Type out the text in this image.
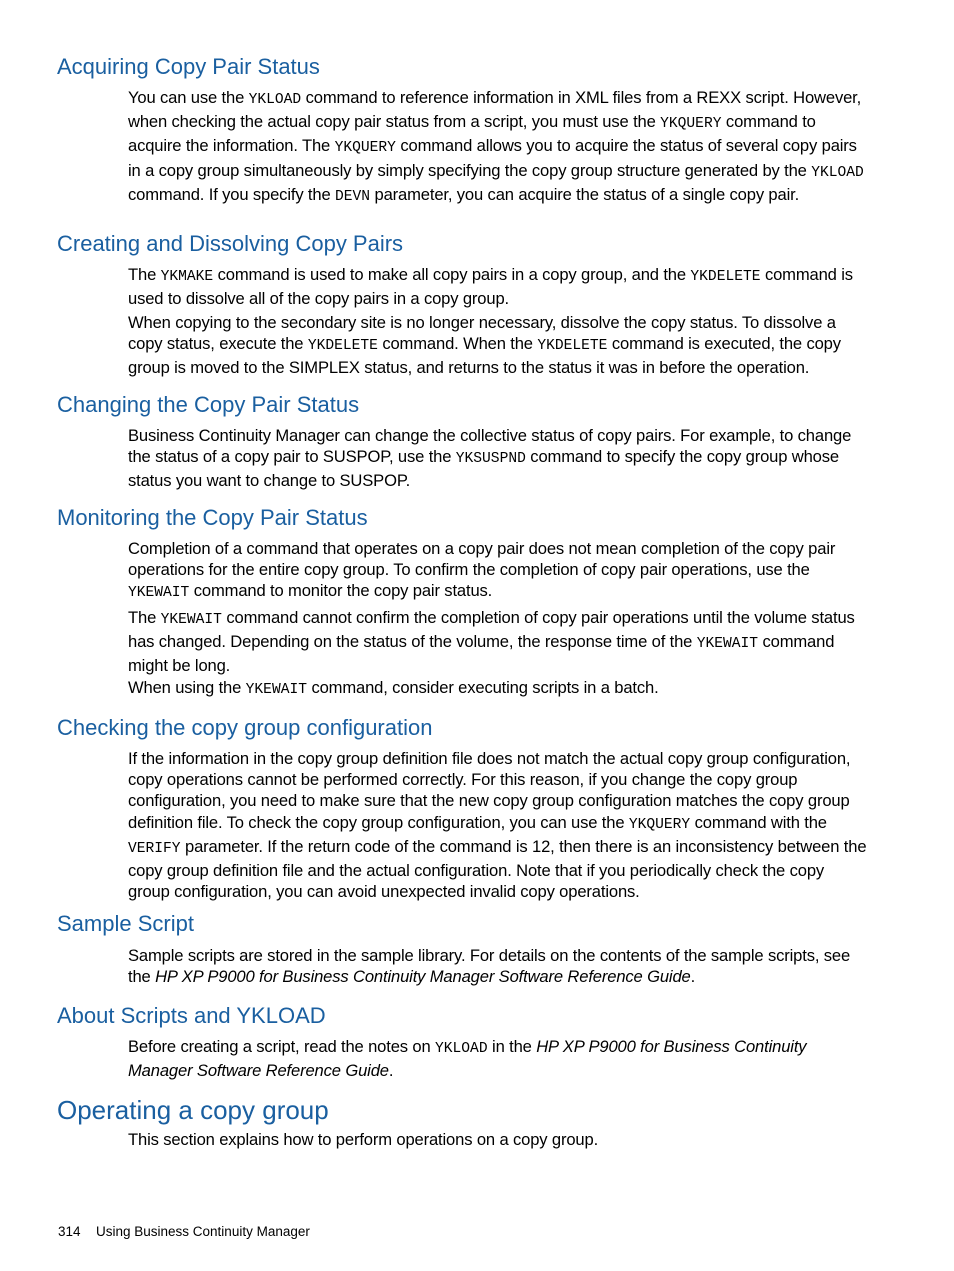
Acquiring Copy Pair Status

You can use the YKLOAD command to reference information in XML files from a REXX script. However, when checking the actual copy pair status from a script, you must use the YKQUERY command to acquire the information. The YKQUERY command allows you to acquire the status of several copy pairs in a copy group simultaneously by simply specifying the copy group structure generated by the YKLOAD command. If you specify the DEVN parameter, you can acquire the status of a single copy pair.

Creating and Dissolving Copy Pairs

The YKMAKE command is used to make all copy pairs in a copy group, and the YKDELETE command is used to dissolve all of the copy pairs in a copy group.

When copying to the secondary site is no longer necessary, dissolve the copy status. To dissolve a copy status, execute the YKDELETE command. When the YKDELETE command is executed, the copy group is moved to the SIMPLEX status, and returns to the status it was in before the operation.

Changing the Copy Pair Status

Business Continuity Manager can change the collective status of copy pairs. For example, to change the status of a copy pair to SUSPOP, use the YKSUSPND command to specify the copy group whose status you want to change to SUSPOP.

Monitoring the Copy Pair Status

Completion of a command that operates on a copy pair does not mean completion of the copy pair operations for the entire copy group. To confirm the completion of copy pair operations, use the YKEWAIT command to monitor the copy pair status.

The YKEWAIT command cannot confirm the completion of copy pair operations until the volume status has changed. Depending on the status of the volume, the response time of the YKEWAIT command might be long.

When using the YKEWAIT command, consider executing scripts in a batch.

Checking the copy group configuration

If the information in the copy group definition file does not match the actual copy group configuration, copy operations cannot be performed correctly. For this reason, if you change the copy group configuration, you need to make sure that the new copy group configuration matches the copy group definition file. To check the copy group configuration, you can use the YKQUERY command with the VERIFY parameter. If the return code of the command is 12, then there is an inconsistency between the copy group definition file and the actual configuration. Note that if you periodically check the copy group configuration, you can avoid unexpected invalid copy operations.

Sample Script

Sample scripts are stored in the sample library. For details on the contents of the sample scripts, see the HP XP P9000 for Business Continuity Manager Software Reference Guide.

About Scripts and YKLOAD

Before creating a script, read the notes on YKLOAD in the HP XP P9000 for Business Continuity Manager Software Reference Guide.

Operating a copy group

This section explains how to perform operations on a copy group.

314 Using Business Continuity Manager
